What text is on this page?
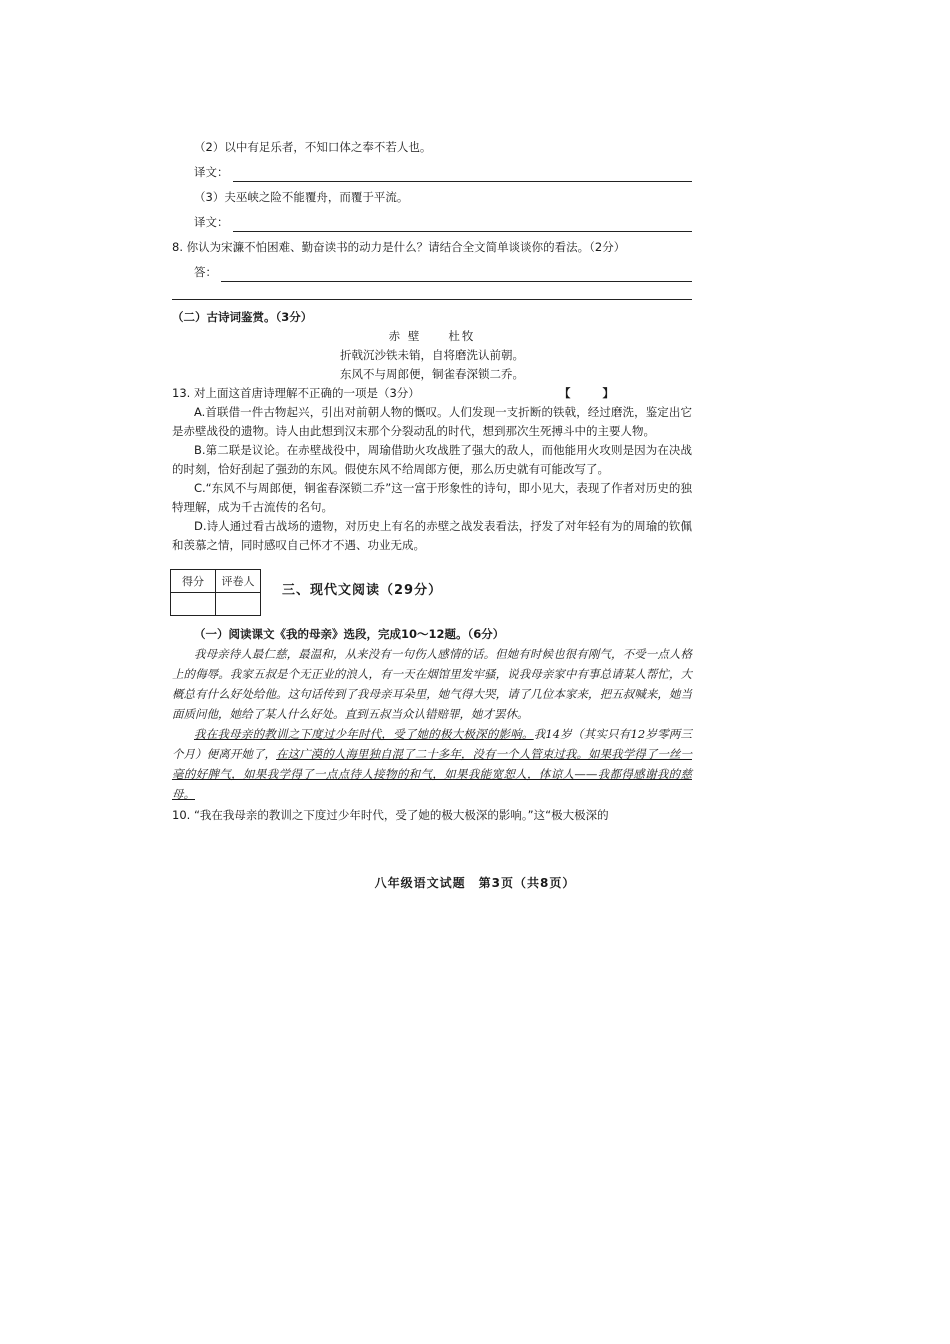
（2）以中有足乐者，不知口体之奉不若人也。
译文：
（3）夫巫峡之险不能覆舟，而覆于平流。
译文：
8. 你认为宋濂不怕困难、勤奋读书的动力是什么？请结合全文简单谈谈你的看法。（2分）
答：
（二）古诗词鉴赏。（3分）
赤 壁　　杜牧
折戟沉沙铁未销，自将磨洗认前朝。
东风不与周郎便，铜雀春深锁二乔。
13. 对上面这首唐诗理解不正确的一项是（3分）	【 】
A.首联借一件古物起兴，引出对前朝人物的慨叹。人们发现一支折断的铁戟，经过磨洗，鉴定出它是赤壁战役的遗物。诗人由此想到汉末那个分裂动乱的时代，想到那次生死搏斗中的主要人物。
B.第二联是议论。在赤壁战役中，周瑜借助火攻战胜了强大的敌人，而他能用火攻则是因为在决战的时刻，恰好刮起了强劲的东风。假使东风不给周郎方便，那么历史就有可能改写了。
C.“东风不与周郎便，铜雀春深锁二乔”这一富于形象性的诗句，即小见大，表现了作者对历史的独特理解，成为千古流传的名句。
D.诗人通过看古战场的遗物，对历史上有名的赤壁之战发表看法，抒发了对年轻有为的周瑜的钦佩和羡慕之情，同时感叹自己怀才不遇、功业无成。
得分	评卷人

三、现代文阅读（29分）
（一）阅读课文《我的母亲》选段，完成10～12题。（6分）
我母亲待人最仁慈，最温和，从来没有一句伤人感情的话。但她有时候也很有刚气，不受一点人格上的侮辱。我家五叔是个无正业的浪人，有一天在烟馆里发牢骚，说我母亲家中有事总请某人帮忙，大概总有什么好处给他。这句话传到了我母亲耳朵里，她气得大哭，请了几位本家来，把五叔喊来，她当面质问他，她给了某人什么好处。直到五叔当众认错赔罪，她才罢休。
我在我母亲的教训之下度过少年时代，受了她的极大极深的影响。我14岁（其实只有12岁零两三个月）便离开她了，在这广漠的人海里独自混了二十多年，没有一个人管束过我。如果我学得了一丝一毫的好脾气，如果我学得了一点点待人接物的和气，如果我能宽恕人，体谅人——我都得感谢我的慈母。
10. “我在我母亲的教训之下度过少年时代，受了她的极大极深的影响。”这“极大极深的
八年级语文试题　第3页（共8页）
